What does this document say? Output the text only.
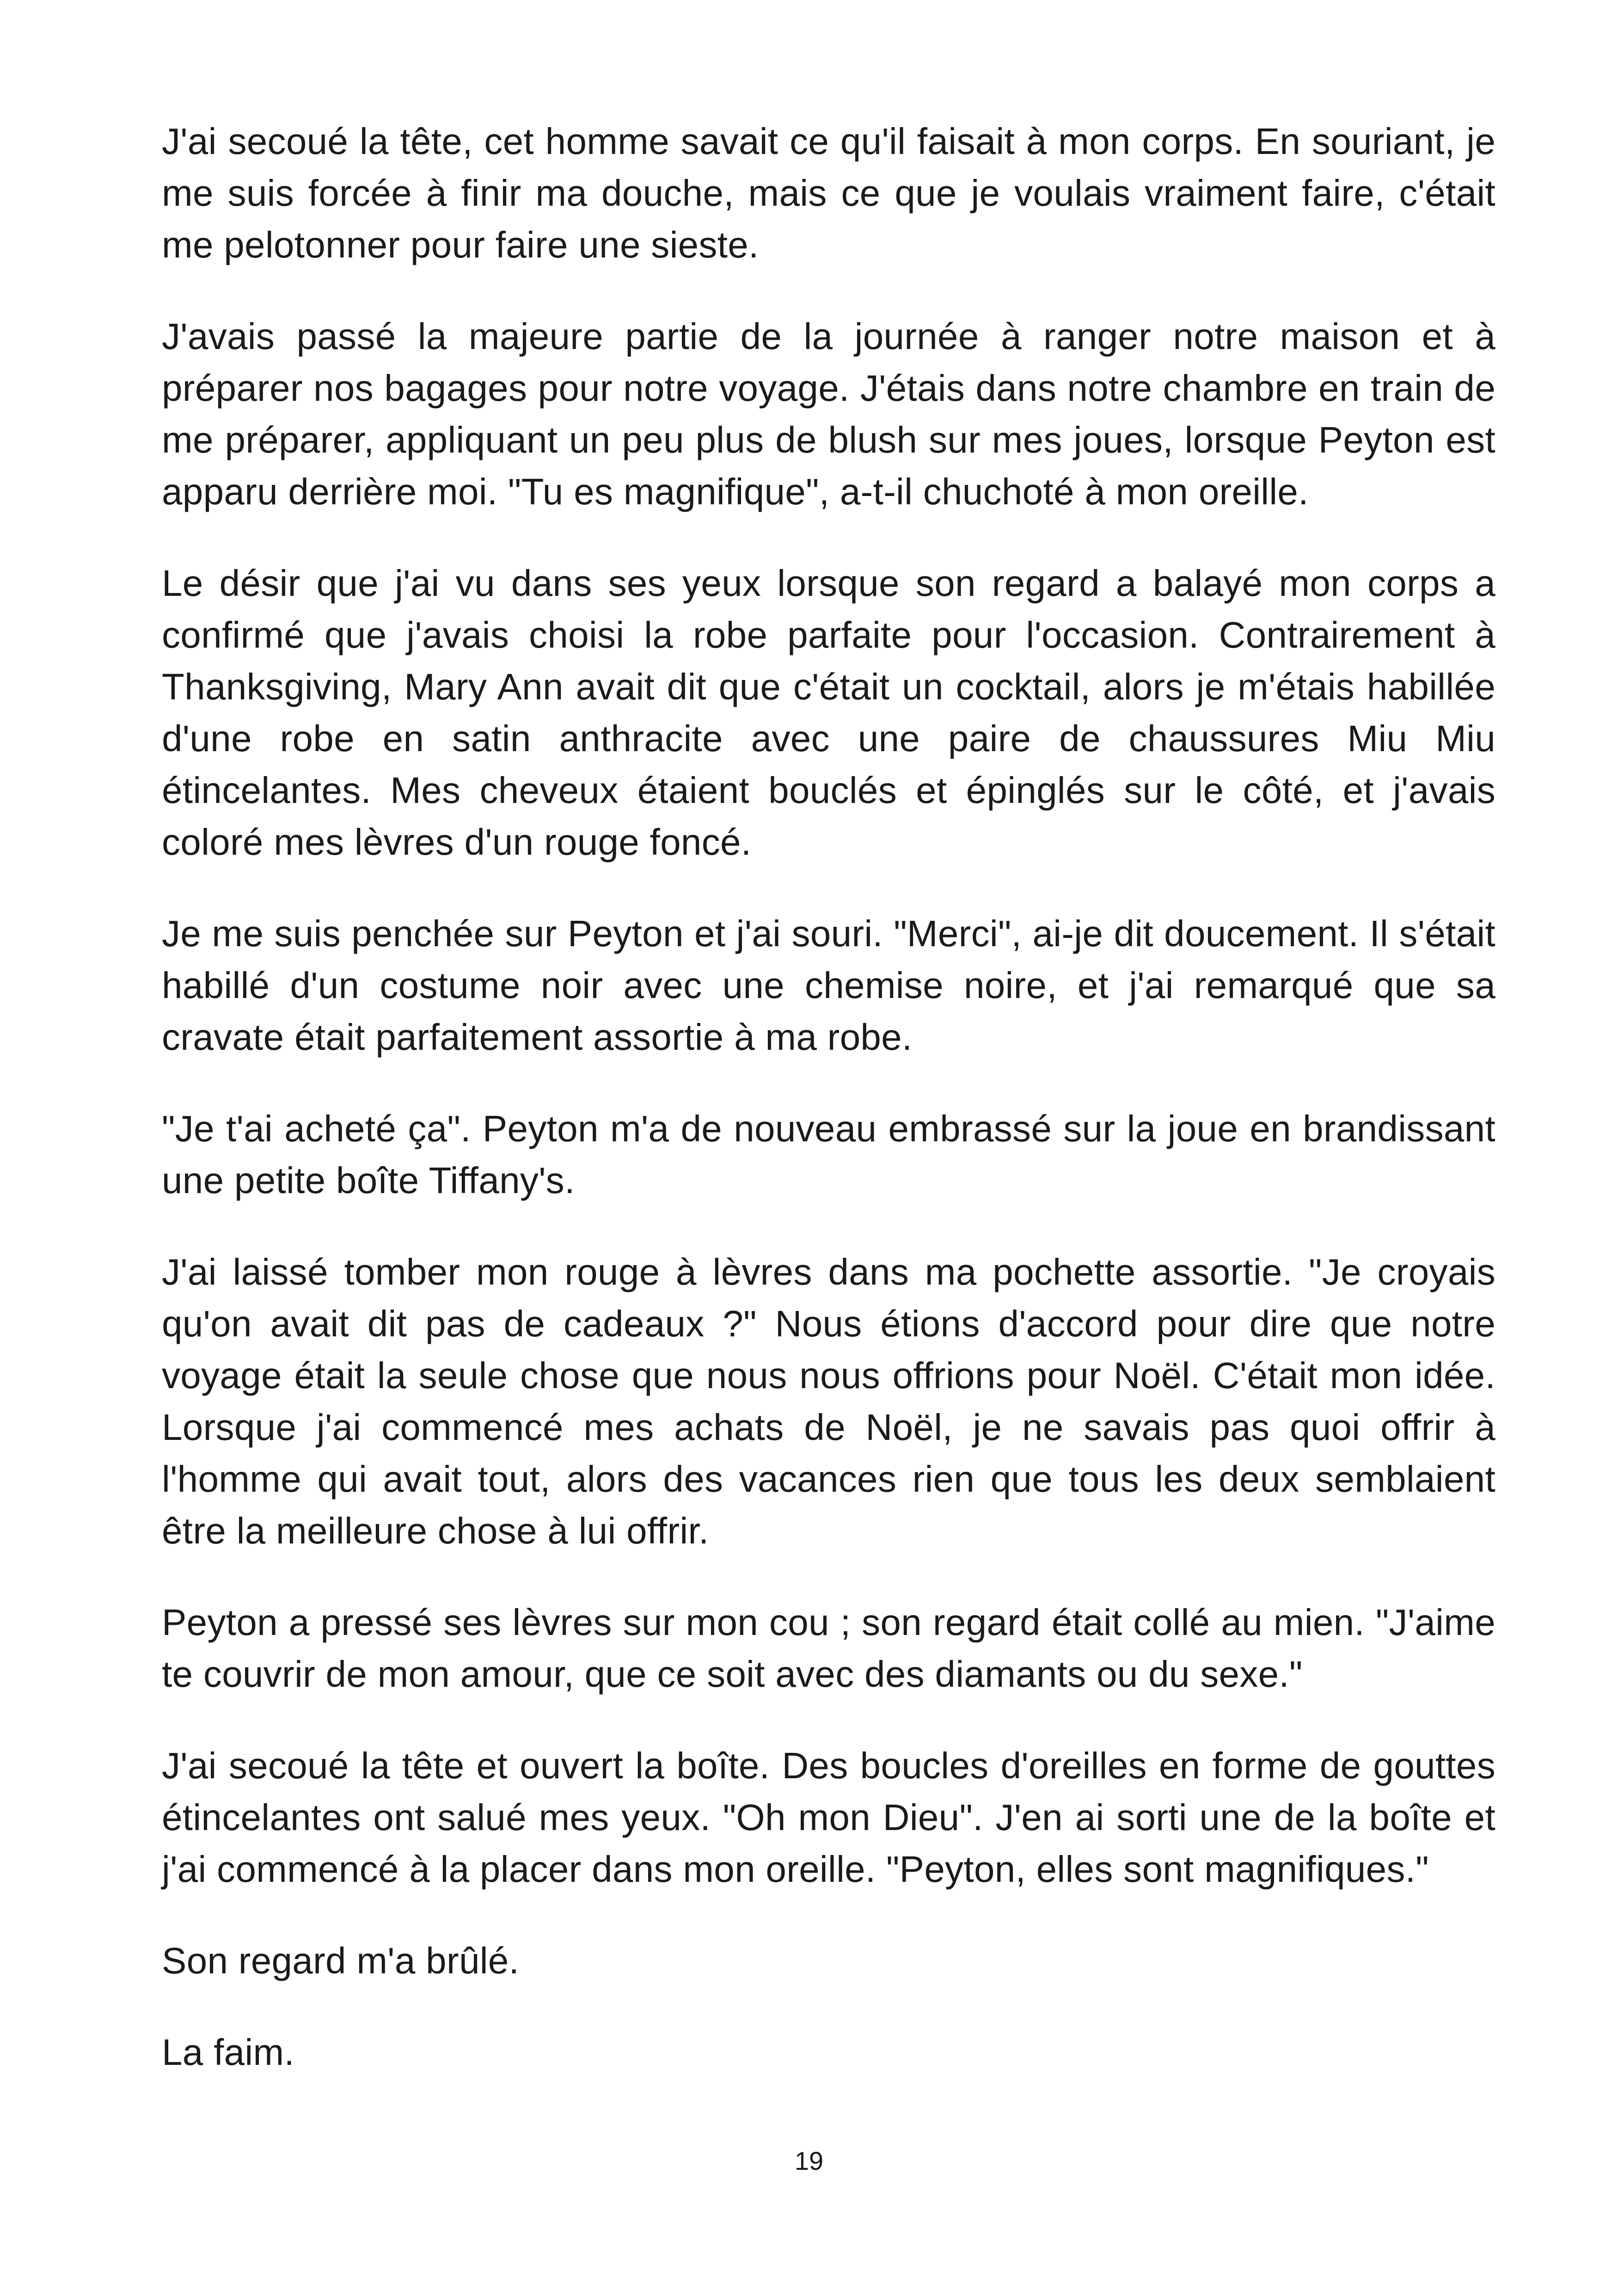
J'ai secoué la tête, cet homme savait ce qu'il faisait à mon corps. En souriant, je me suis forcée à finir ma douche, mais ce que je voulais vraiment faire, c'était me pelotonner pour faire une sieste.

J'avais passé la majeure partie de la journée à ranger notre maison et à préparer nos bagages pour notre voyage. J'étais dans notre chambre en train de me préparer, appliquant un peu plus de blush sur mes joues, lorsque Peyton est apparu derrière moi. "Tu es magnifique", a-t-il chuchoté à mon oreille.

Le désir que j'ai vu dans ses yeux lorsque son regard a balayé mon corps a confirmé que j'avais choisi la robe parfaite pour l'occasion. Contrairement à Thanksgiving, Mary Ann avait dit que c'était un cocktail, alors je m'étais habillée d'une robe en satin anthracite avec une paire de chaussures Miu Miu étincelantes. Mes cheveux étaient bouclés et épinglés sur le côté, et j'avais coloré mes lèvres d'un rouge foncé.

Je me suis penchée sur Peyton et j'ai souri. "Merci", ai-je dit doucement. Il s'était habillé d'un costume noir avec une chemise noire, et j'ai remarqué que sa cravate était parfaitement assortie à ma robe.

"Je t'ai acheté ça". Peyton m'a de nouveau embrassé sur la joue en brandissant une petite boîte Tiffany's.

J'ai laissé tomber mon rouge à lèvres dans ma pochette assortie. "Je croyais qu'on avait dit pas de cadeaux ?" Nous étions d'accord pour dire que notre voyage était la seule chose que nous nous offrions pour Noël. C'était mon idée. Lorsque j'ai commencé mes achats de Noël, je ne savais pas quoi offrir à l'homme qui avait tout, alors des vacances rien que tous les deux semblaient être la meilleure chose à lui offrir.

Peyton a pressé ses lèvres sur mon cou ; son regard était collé au mien. "J'aime te couvrir de mon amour, que ce soit avec des diamants ou du sexe."

J'ai secoué la tête et ouvert la boîte. Des boucles d'oreilles en forme de gouttes étincelantes ont salué mes yeux. "Oh mon Dieu". J'en ai sorti une de la boîte et j'ai commencé à la placer dans mon oreille. "Peyton, elles sont magnifiques."

Son regard m'a brûlé.

La faim.

19
